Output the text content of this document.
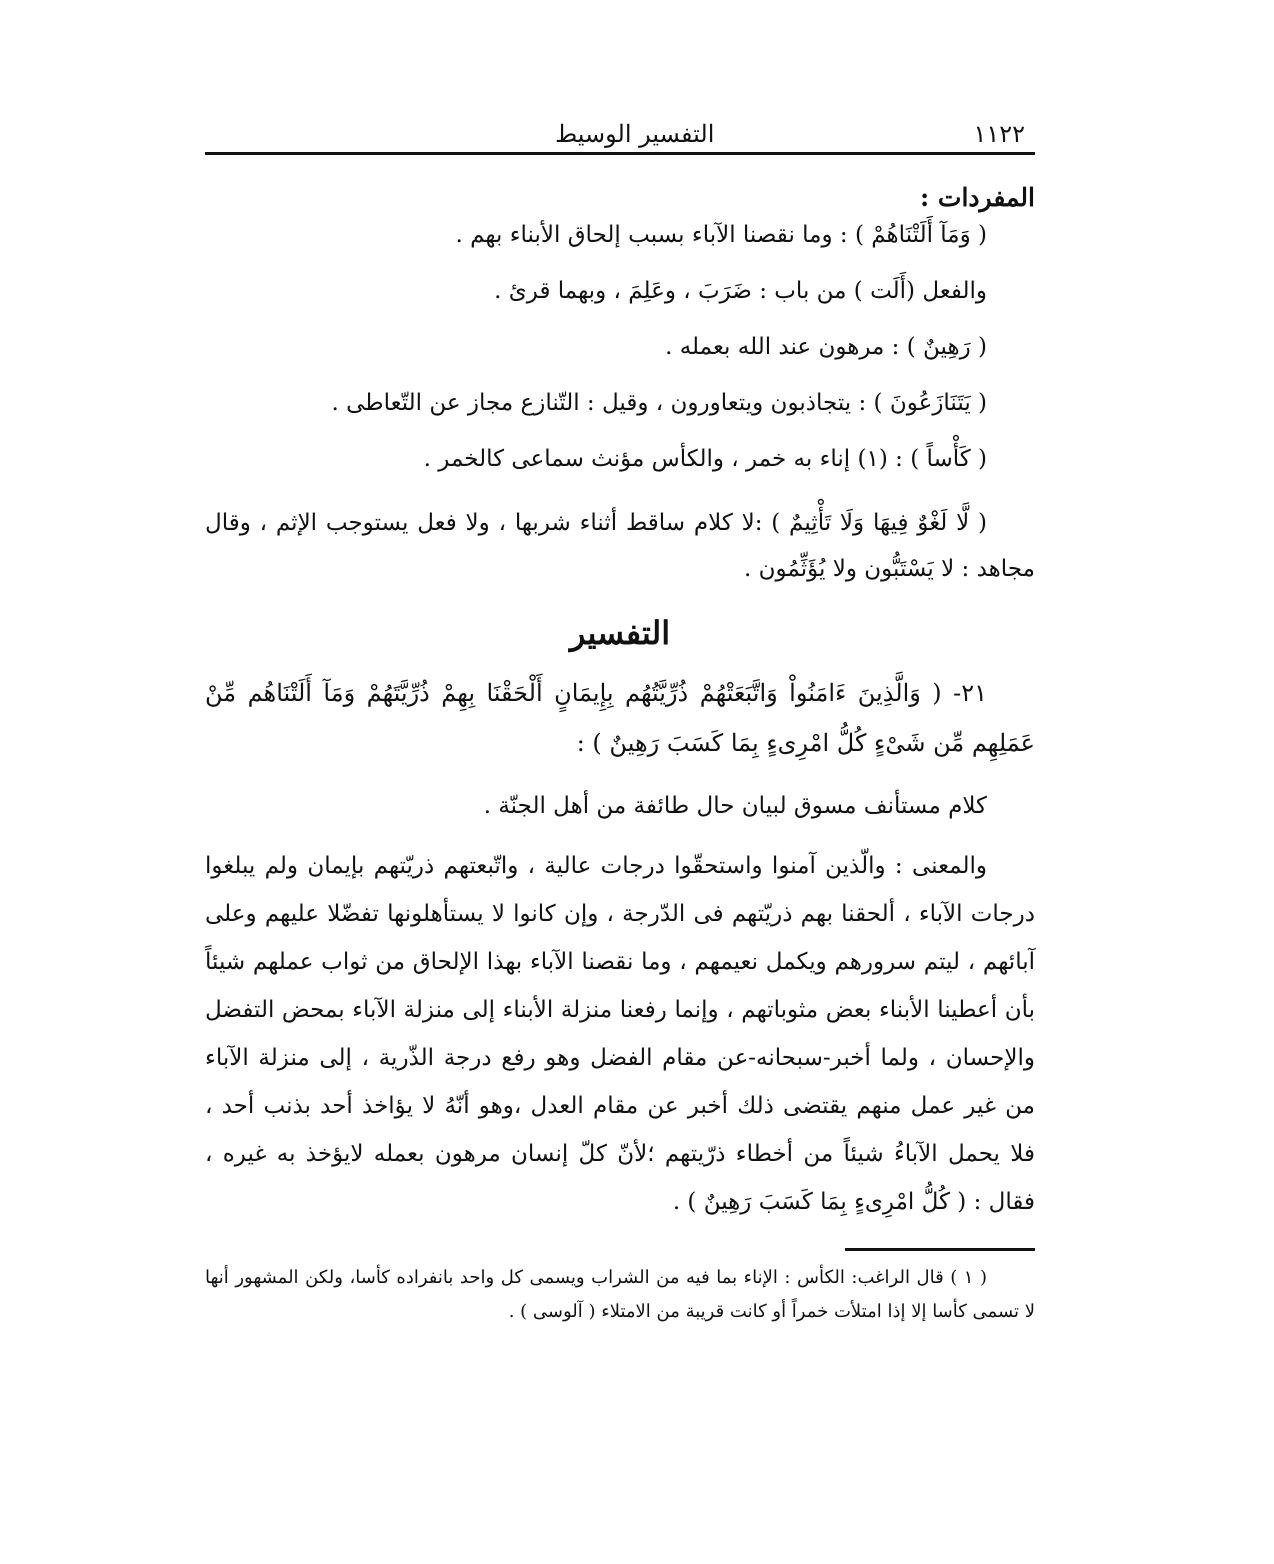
١١٢٢
التفسير الوسيط
المفردات :

( وَمَآ أَلَتْنَاهُمْ ) : وما نقصنا الآباء بسبب إلحاق الأبناء بهم .

والفعل (أَلَت ) من باب : ضَرَبَ ، وعَلِمَ ، وبهما قرئ .

( رَهِينٌ ) : مرهون عند الله بعمله .

( يَتَنَازَعُونَ ) : يتجاذبون ويتعاورون ، وقيل : التّنازع مجاز عن التّعاطى .

( كَأْساً ) : (١) إناء به خمر ، والكأس مؤنث سماعى كالخمر .

( لَّا لَغْوٌ فِيهَا وَلَا تَأْثِيمٌ ) :لا كلام ساقط أثناء شربها ، ولا فعل يستوجب الإثم ، وقال مجاهد : لا يَسْتَبُّون ولا يُؤَثِّمُون .

التفسير

٢١- ( وَالَّذِينَ ءَامَنُواْ وَاتَّبَعَتْهُمْ ذُرِّيَّتُهُم بِإِيمَانٍ أَلْحَقْنَا بِهِمْ ذُرِّيَّتَهُمْ وَمَآ أَلَتْنَاهُم مِّنْ عَمَلِهِم مِّن شَىْءٍ كُلُّ امْرِىءٍ بِمَا كَسَبَ رَهِينٌ ) :

كلام مستأنف مسوق لبيان حال طائفة من أهل الجنّة .

والمعنى : والّذين آمنوا واستحقّوا درجات عالية ، واتّبعتهم ذريّتهم بإيمان ولم يبلغوا درجات الآباء ، ألحقنا بهم ذريّتهم فى الدّرجة ، وإن كانوا لا يستأهلونها تفضّلا عليهم وعلى آبائهم ، ليتم سرورهم ويكمل نعيمهم ، وما نقصنا الآباء بهذا الإلحاق من ثواب عملهم شيئاً بأن أعطينا الأبناء بعض مثوباتهم ، وإنما رفعنا منزلة الأبناء إلى منزلة الآباء بمحض التفضل والإحسان ، ولما أخبر-سبحانه-عن مقام الفضل وهو رفع درجة الذّرية ، إلى منزلة الآباء من غير عمل منهم يقتضى ذلك أخبر عن مقام العدل ،وهو أنّهُ لا يؤاخذ أحد بذنب أحد ، فلا يحمل الآباءُ شيئاً من أخطاء ذرّيتهم ؛لأنّ كلّ إنسان مرهون بعمله لايؤخذ به غيره ، فقال : ( كُلُّ امْرِىءٍ بِمَا كَسَبَ رَهِينٌ ) .

( ١ ) قال الراغب: الكأس : الإناء بما فيه من الشراب ويسمى كل واحد بانفراده كأسا، ولكن المشهور أنها لا تسمى كأسا إلا إذا امتلأت خمراً أو كانت قريبة من الامتلاء ( آلوسى ) .
